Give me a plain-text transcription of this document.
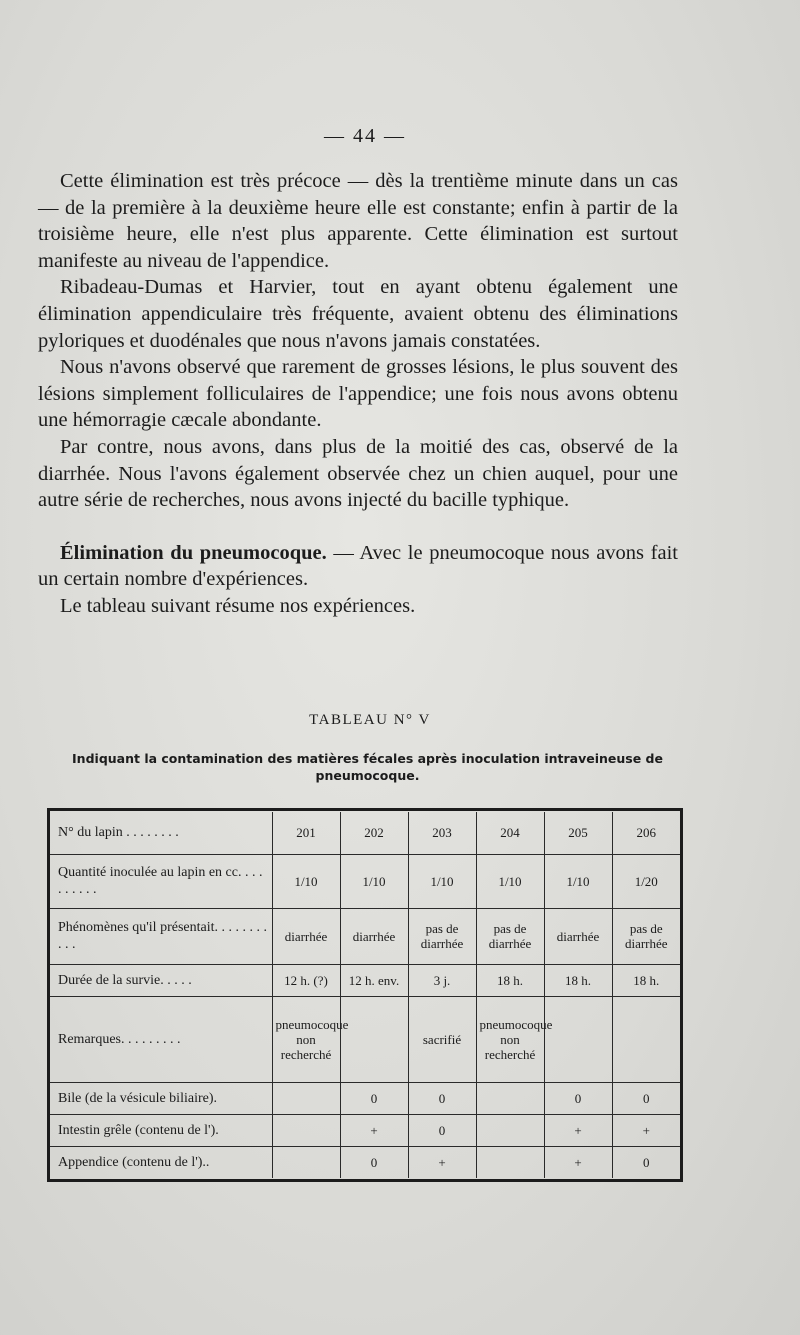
— 44 —

Cette élimination est très précoce — dès la trentième minute dans un cas — de la première à la deuxième heure elle est constante; enfin à partir de la troisième heure, elle n'est plus apparente. Cette élimination est surtout manifeste au niveau de l'appendice.

Ribadeau-Dumas et Harvier, tout en ayant obtenu également une élimination appendiculaire très fréquente, avaient obtenu des éliminations pyloriques et duodénales que nous n'avons jamais constatées.

Nous n'avons observé que rarement de grosses lésions, le plus souvent des lésions simplement folliculaires de l'appendice; une fois nous avons obtenu une hémorragie cæcale abondante.

Par contre, nous avons, dans plus de la moitié des cas, observé de la diarrhée. Nous l'avons également observée chez un chien auquel, pour une autre série de recherches, nous avons injecté du bacille typhique.

Élimination du pneumocoque. — Avec le pneumocoque nous avons fait un certain nombre d'expériences.

Le tableau suivant résume nos expériences.

TABLEAU N° V
Indiquant la contamination des matières fécales après inoculation intraveineuse de pneumocoque.
N° du lapin . . . . . . . .	201	202	203	204	205	206
Quantité inoculée au lapin en cc. . . . . . . . . .	1/10	1/10	1/10	1/10	1/10	1/20
Phénomènes qu'il présentait. . . . . . . . . . .	diarrhée	diarrhée	pas de diarrhée	pas de diarrhée	diarrhée	pas de diarrhée
Durée de la survie. . . . .	12 h. (?)	12 h. env.	3 j.	18 h.	18 h.	18 h.
Remarques. . . . . . . . .	pneumocoque non recherché		sacrifié	pneumocoque non recherché		
Bile (de la vésicule biliaire).		0	0		0	0
Intestin grêle (contenu de l').		+	0		+	+
Appendice (contenu de l')..		0	+		+	0
